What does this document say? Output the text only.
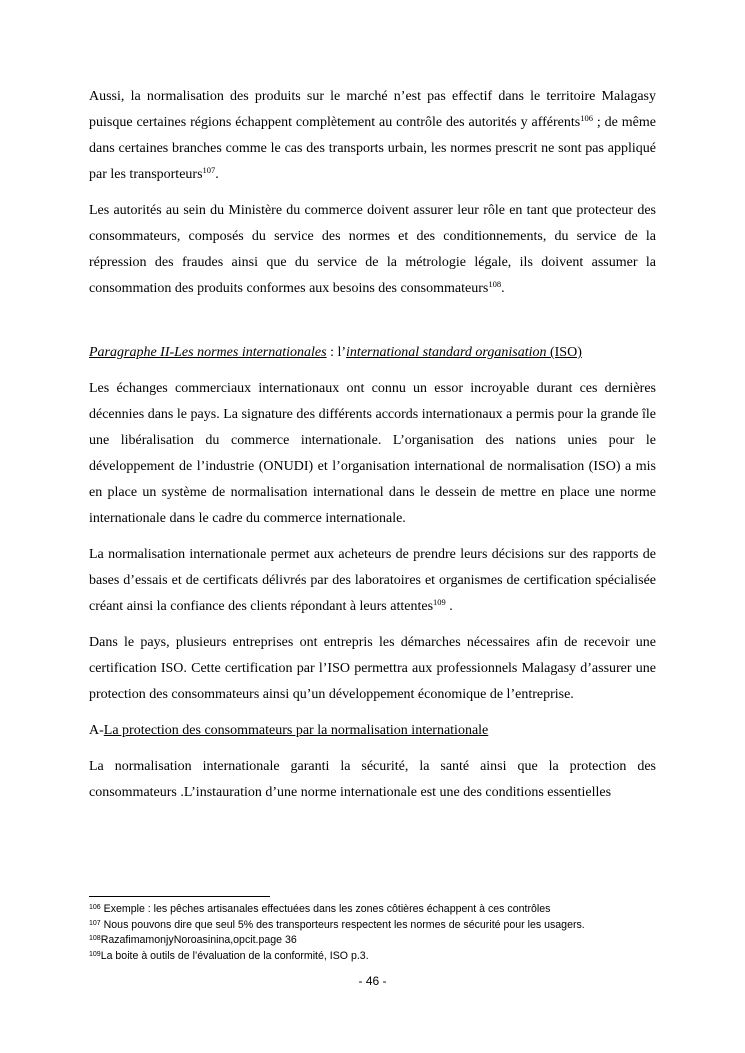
Aussi, la normalisation des produits sur le marché n’est pas effectif dans le territoire Malagasy puisque certaines régions échappent complètement au contrôle des autorités y afférents$^{106}$ ; de même dans certaines branches comme le cas des transports urbain, les normes prescrit ne sont pas appliqué par les transporteurs$^{107}$.

Les autorités au sein du Ministère du commerce doivent assurer leur rôle en tant que protecteur des consommateurs, composés du service des normes et des conditionnements, du service de la répression des fraudes ainsi que du service de la métrologie légale, ils doivent assumer la consommation des produits conformes aux besoins des consommateurs$^{108}$.

Paragraphe II-Les normes internationales : l’international standard organisation (ISO)

Les échanges commerciaux internationaux ont connu un essor incroyable durant ces dernières décennies dans le pays. La signature des différents accords internationaux a permis pour la grande île une libéralisation du commerce internationale. L’organisation des nations unies pour le développement de l’industrie (ONUDI) et l’organisation international de normalisation (ISO) a mis en place un système de normalisation international dans le dessein de mettre en place une norme internationale dans le cadre du commerce internationale.

La normalisation internationale permet aux acheteurs de prendre leurs décisions sur des rapports de bases d’essais et de certificats délivrés par des laboratoires et organismes de certification spécialisée créant ainsi la confiance des clients répondant à leurs attentes$^{109}$ .

Dans le pays, plusieurs entreprises ont entrepris les démarches nécessaires afin de recevoir une certification ISO. Cette certification par l’ISO permettra aux professionnels Malagasy d’assurer une protection des consommateurs ainsi qu’un développement économique de l’entreprise.

A-La protection des consommateurs par la normalisation internationale

La normalisation internationale garanti la sécurité, la santé ainsi que la protection des consommateurs .L’instauration d’une norme internationale est une des conditions essentielles

$^{106}$ Exemple : les pêches artisanales effectuées dans les zones côtières échappent à ces contrôles
$^{107}$ Nous pouvons dire que seul 5% des transporteurs respectent les normes de sécurité pour les usagers.
$^{108}$RazafimamonjyNoroasinina,opcit.page 36
$^{109}$La boite à outils de l’évaluation de la conformité, ISO p.3.
- 46 -
